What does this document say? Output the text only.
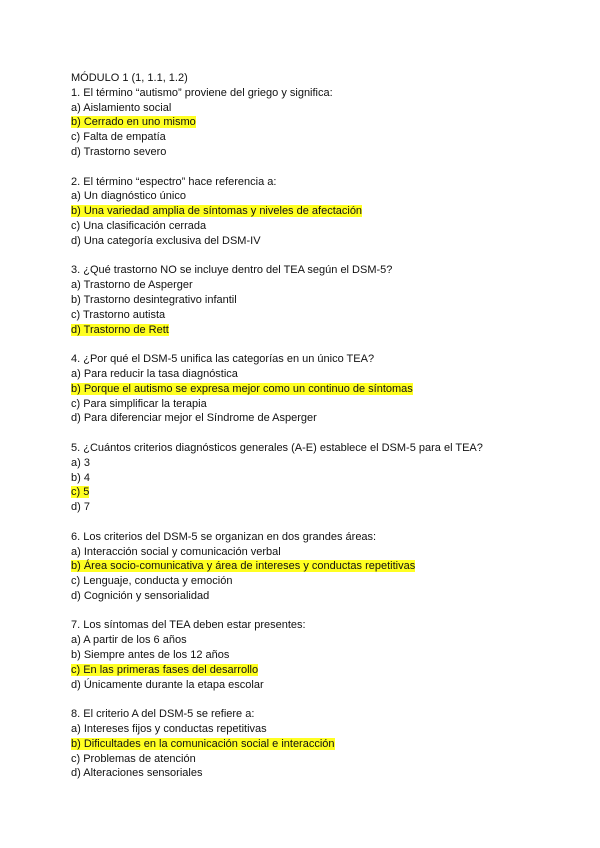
MÓDULO 1 (1, 1.1, 1.2)
1. El término “autismo” proviene del griego y significa:
a) Aislamiento social
b) Cerrado en uno mismo
c) Falta de empatía
d) Trastorno severo
2. El término “espectro” hace referencia a:
a) Un diagnóstico único
b) Una variedad amplia de síntomas y niveles de afectación
c) Una clasificación cerrada
d) Una categoría exclusiva del DSM-IV
3. ¿Qué trastorno NO se incluye dentro del TEA según el DSM-5?
a) Trastorno de Asperger
b) Trastorno desintegrativo infantil
c) Trastorno autista
d) Trastorno de Rett
4. ¿Por qué el DSM-5 unifica las categorías en un único TEA?
a) Para reducir la tasa diagnóstica
b) Porque el autismo se expresa mejor como un continuo de síntomas
c) Para simplificar la terapia
d) Para diferenciar mejor el Síndrome de Asperger
5. ¿Cuántos criterios diagnósticos generales (A-E) establece el DSM-5 para el TEA?
a) 3
b) 4
c) 5
d) 7
6. Los criterios del DSM-5 se organizan en dos grandes áreas:
a) Interacción social y comunicación verbal
b) Área socio-comunicativa y área de intereses y conductas repetitivas
c) Lenguaje, conducta y emoción
d) Cognición y sensorialidad
7. Los síntomas del TEA deben estar presentes:
a) A partir de los 6 años
b) Siempre antes de los 12 años
c) En las primeras fases del desarrollo
d) Únicamente durante la etapa escolar
8. El criterio A del DSM-5 se refiere a:
a) Intereses fijos y conductas repetitivas
b) Dificultades en la comunicación social e interacción
c) Problemas de atención
d) Alteraciones sensoriales
